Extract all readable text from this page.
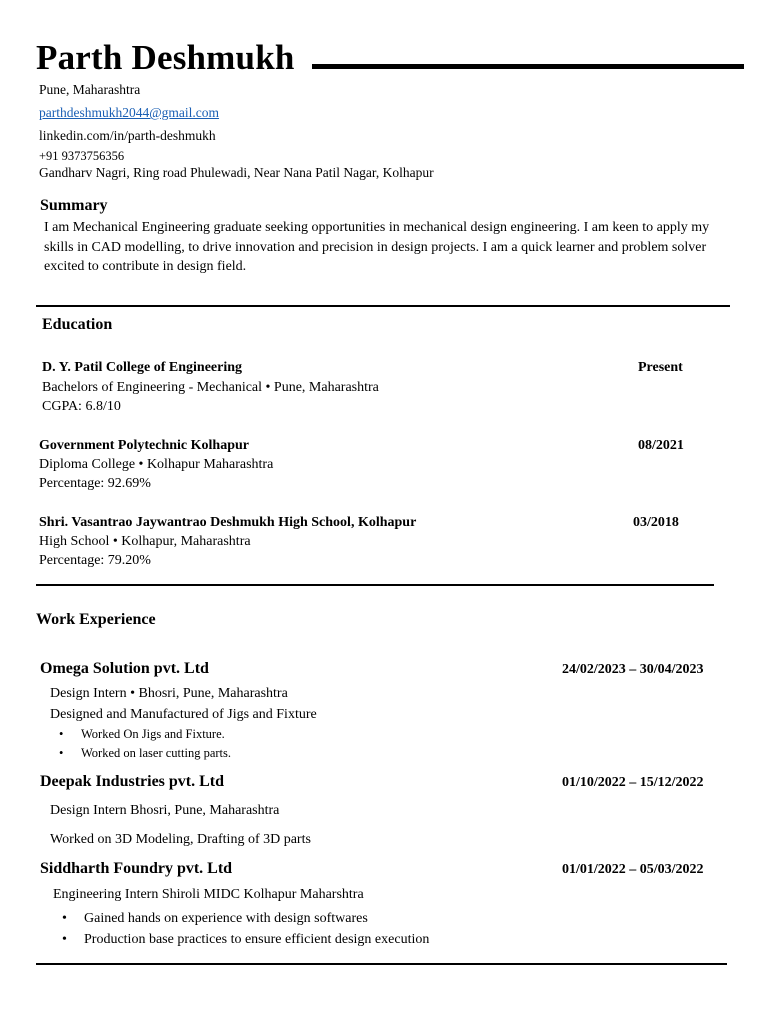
Parth Deshmukh
Pune, Maharashtra
parthdeshmukh2044@gmail.com
linkedin.com/in/parth-deshmukh
+91 9373756356
Gandharv Nagri, Ring road Phulewadi, Near Nana Patil Nagar, Kolhapur
Summary
I am Mechanical Engineering graduate seeking opportunities in mechanical design engineering. I am keen to apply my skills in CAD modelling, to drive innovation and precision in design projects. I am a quick learner and problem solver excited to contribute in design field.
Education
D. Y. Patil College of Engineering	Present
Bachelors of Engineering - Mechanical • Pune, Maharashtra
CGPA: 6.8/10
Government Polytechnic Kolhapur	08/2021
Diploma College • Kolhapur Maharashtra
Percentage: 92.69%
Shri. Vasantrao Jaywantrao Deshmukh High School, Kolhapur	03/2018
High School • Kolhapur, Maharashtra
Percentage: 79.20%
Work Experience
Omega Solution pvt. Ltd	24/02/2023 – 30/04/2023
Design Intern • Bhosri, Pune, Maharashtra
Designed and Manufactured of Jigs and Fixture
• Worked On Jigs and Fixture.
• Worked on laser cutting parts.
Deepak Industries pvt. Ltd	01/10/2022 – 15/12/2022
Design Intern Bhosri, Pune, Maharashtra
Worked on 3D Modeling, Drafting of 3D parts
Siddharth Foundry pvt. Ltd	01/01/2022 – 05/03/2022
Engineering Intern Shiroli MIDC Kolhapur Maharshtra
• Gained hands on experience with design softwares
• Production base practices to ensure efficient design execution
